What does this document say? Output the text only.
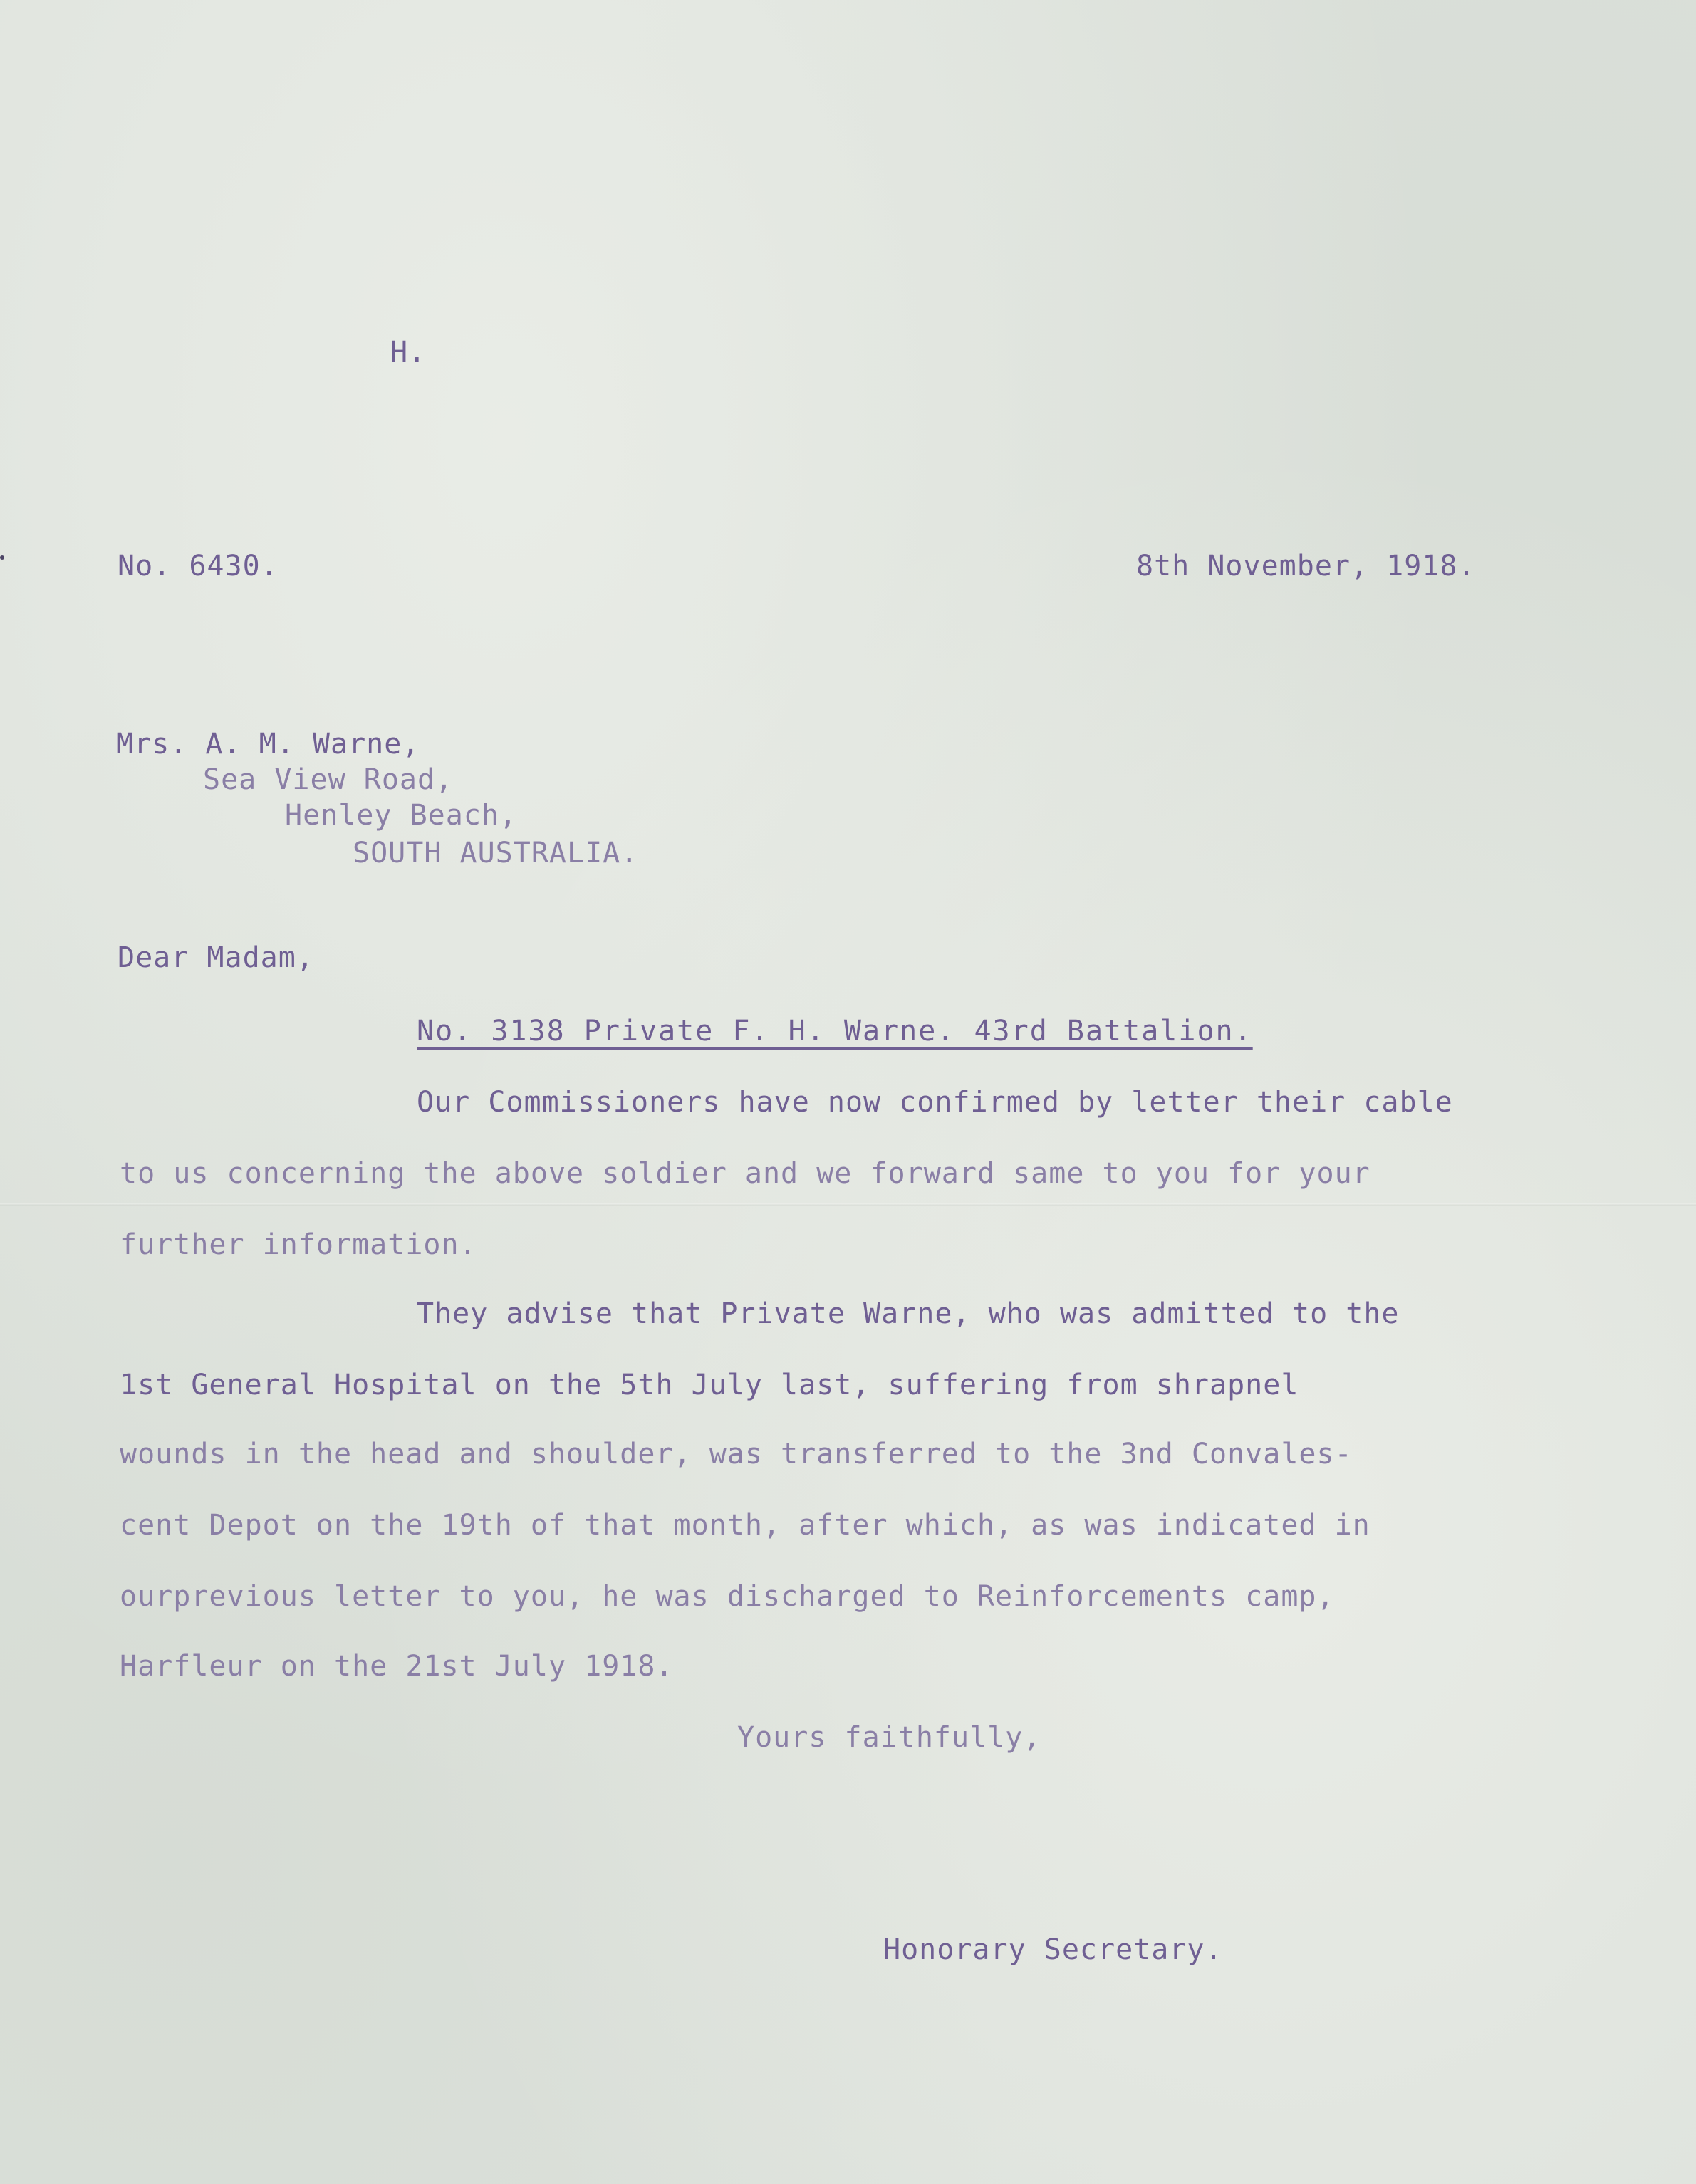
H.
No. 6430.	8th November, 1918.
Mrs. A. M. Warne,
Sea View Road,
Henley Beach,
SOUTH AUSTRALIA.
Dear Madam,
No. 3138 Private F. H. Warne. 43rd Battalion.
Our Commissioners have now confirmed by letter their cable
to us concerning the above soldier and we forward same to you for your
further information.
They advise that Private Warne, who was admitted to the
1st General Hospital on the 5th July last, suffering from shrapnel
wounds in the head and shoulder, was transferred to the 3nd Convales-
cent Depot on the 19th of that month, after which, as was indicated in
ourprevious letter to you, he was discharged to Reinforcements camp,
Harfleur on the 21st July 1918.
Yours faithfully,
Honorary Secretary.
